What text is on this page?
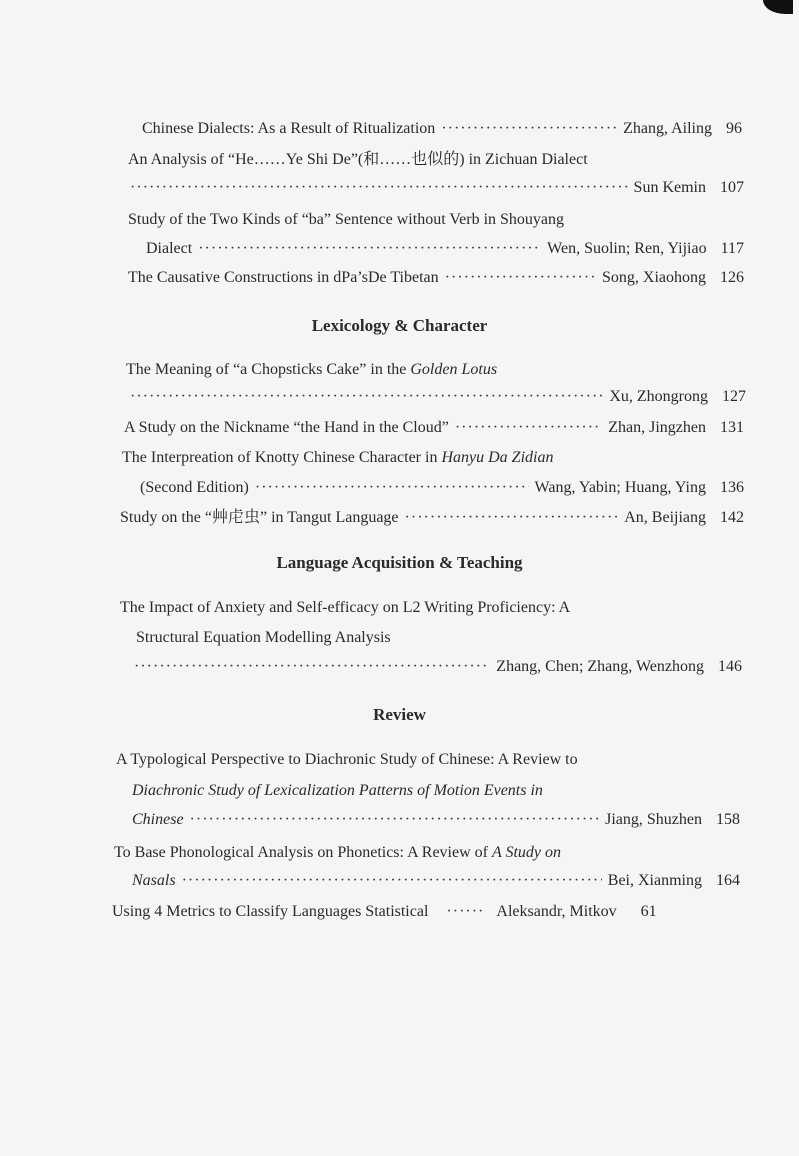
Chinese Dialects: As a Result of Ritualization ·····	Zhang, Ailing 96
An Analysis of “He……Ye Shi De”(和……也似的) in Zichuan Dialect
·····
Sun Kemin 107
Study of the Two Kinds of “ba” Sentence without Verb in Shouyang
Dialect ·····	Wen, Suolin; Ren, Yijiao 117
The Causative Constructions in dPa’sDe Tibetan ·····	Song, Xiaohong 126
Lexicology & Character
The Meaning of “a Chopsticks Cake” in the Golden Lotus
·····
Xu, Zhongrong 127
A Study on the Nickname “the Hand in the Cloud” ·····	Zhan, Jingzhen 131
The Interpreation of Knotty Chinese Character in Hanyu Da Zidian
(Second Edition) ·····	Wang, Yabin; Huang, Ying 136
Study on the “⾋⾌⾍” in Tangut Language ·····	An, Beijiang 142
Language Acquisition & Teaching
The Impact of Anxiety and Self-efficacy on L2 Writing Proficiency: A
Structural Equation Modelling Analysis
·····
Zhang, Chen; Zhang, Wenzhong 146
Review
A Typological Perspective to Diachronic Study of Chinese: A Review to
Diachronic Study of Lexicalization Patterns of Motion Events in
Chinese ·····	Jiang, Shuzhen 158
To Base Phonological Analysis on Phonetics: A Review of A Study on
Nasals ·····	Bei, Xianming 164
Using 4 Metrics to Classify Languages Statistical ·····	Aleksandr, Mitkov 61
